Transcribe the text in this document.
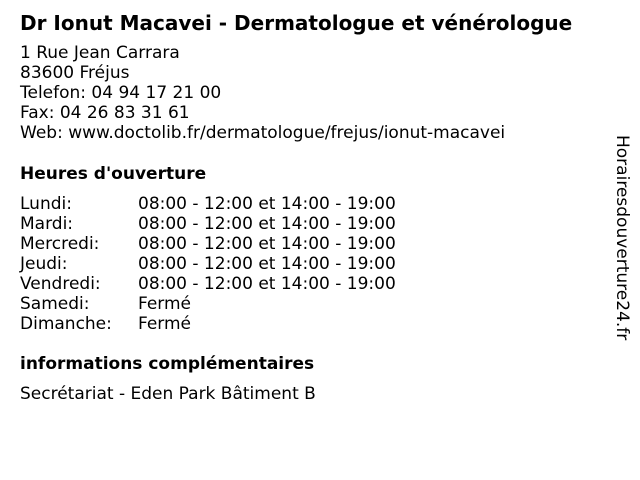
Dr Ionut Macavei - Dermatologue et vénérologue
1 Rue Jean Carrara
83600 Fréjus
Telefon: 04 94 17 21 00
Fax: 04 26 83 31 61
Web: www.doctolib.fr/dermatologue/frejus/ionut-macavei
Heures d'ouverture
Lundi:	08:00 - 12:00 et 14:00 - 19:00
Mardi:	08:00 - 12:00 et 14:00 - 19:00
Mercredi: 08:00 - 12:00 et 14:00 - 19:00
Jeudi:	08:00 - 12:00 et 14:00 - 19:00
Vendredi: 08:00 - 12:00 et 14:00 - 19:00
Samedi:	Fermé
Dimanche: Fermé
informations complémentaires
Secrétariat - Eden Park Bâtiment B
Horairesdouverture24.fr
